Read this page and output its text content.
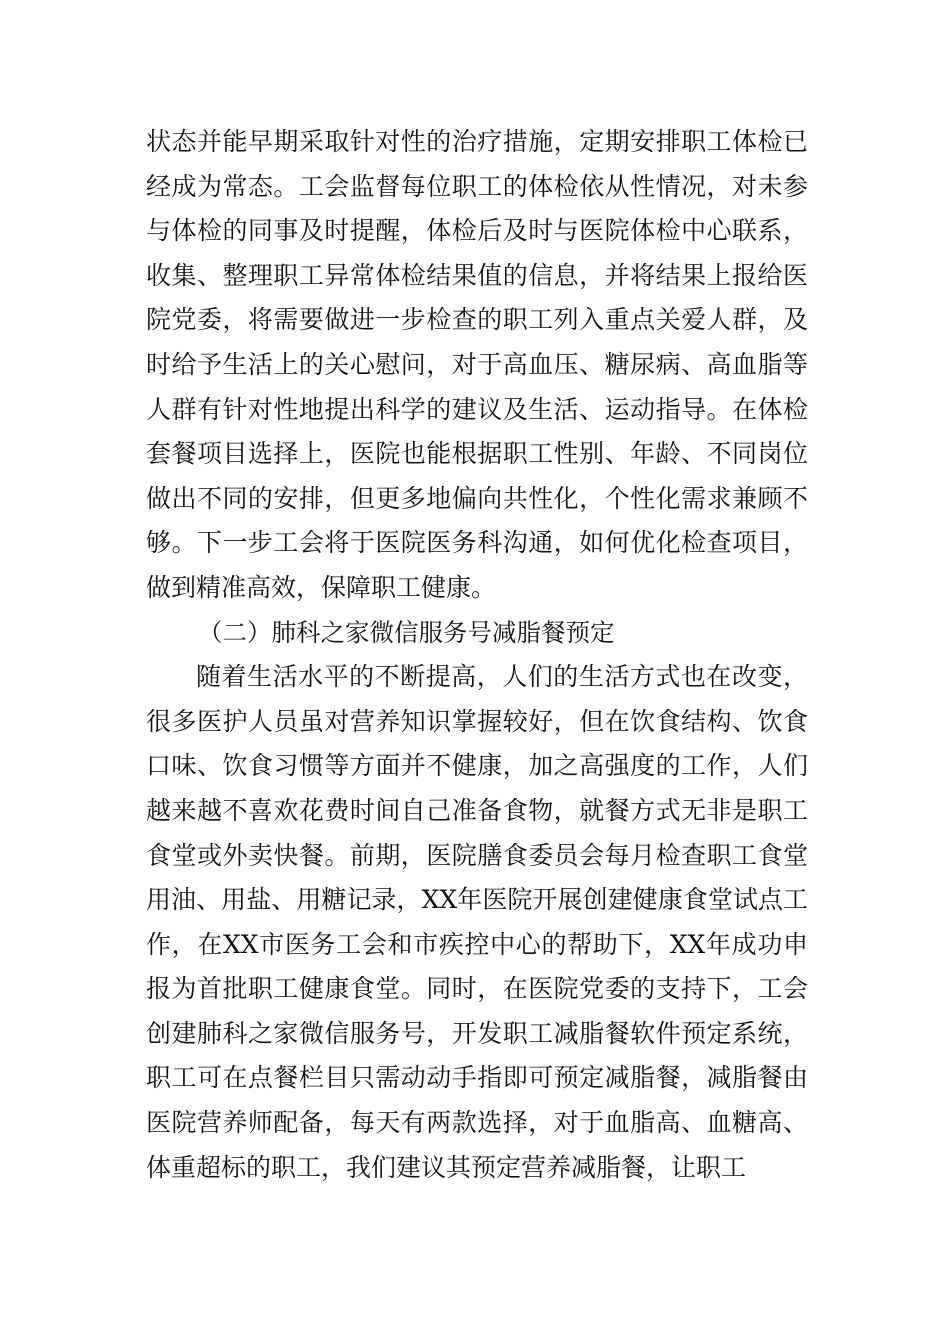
状态并能早期采取针对性的治疗措施，定期安排职工体检已经成为常态。工会监督每位职工的体检依从性情况，对未参与体检的同事及时提醒，体检后及时与医院体检中心联系，收集、整理职工异常体检结果值的信息，并将结果上报给医院党委，将需要做进一步检查的职工列入重点关爱人群，及时给予生活上的关心慰问，对于高血压、糖尿病、高血脂等人群有针对性地提出科学的建议及生活、运动指导。在体检套餐项目选择上，医院也能根据职工性别、年龄、不同岗位做出不同的安排，但更多地偏向共性化，个性化需求兼顾不够。下一步工会将于医院医务科沟通，如何优化检查项目，做到精准高效，保障职工健康。

（二）肺科之家微信服务号减脂餐预定

随着生活水平的不断提高，人们的生活方式也在改变，很多医护人员虽对营养知识掌握较好，但在饮食结构、饮食口味、饮食习惯等方面并不健康，加之高强度的工作，人们越来越不喜欢花费时间自己准备食物，就餐方式无非是职工食堂或外卖快餐。前期，医院膳食委员会每月检查职工食堂用油、用盐、用糖记录，XX年医院开展创建健康食堂试点工作，在XX市医务工会和市疾控中心的帮助下，XX年成功申报为首批职工健康食堂。同时，在医院党委的支持下，工会创建肺科之家微信服务号，开发职工减脂餐软件预定系统，职工可在点餐栏目只需动动手指即可预定减脂餐，减脂餐由医院营养师配备，每天有两款选择，对于血脂高、血糖高、体重超标的职工，我们建议其预定营养减脂餐，让职工
